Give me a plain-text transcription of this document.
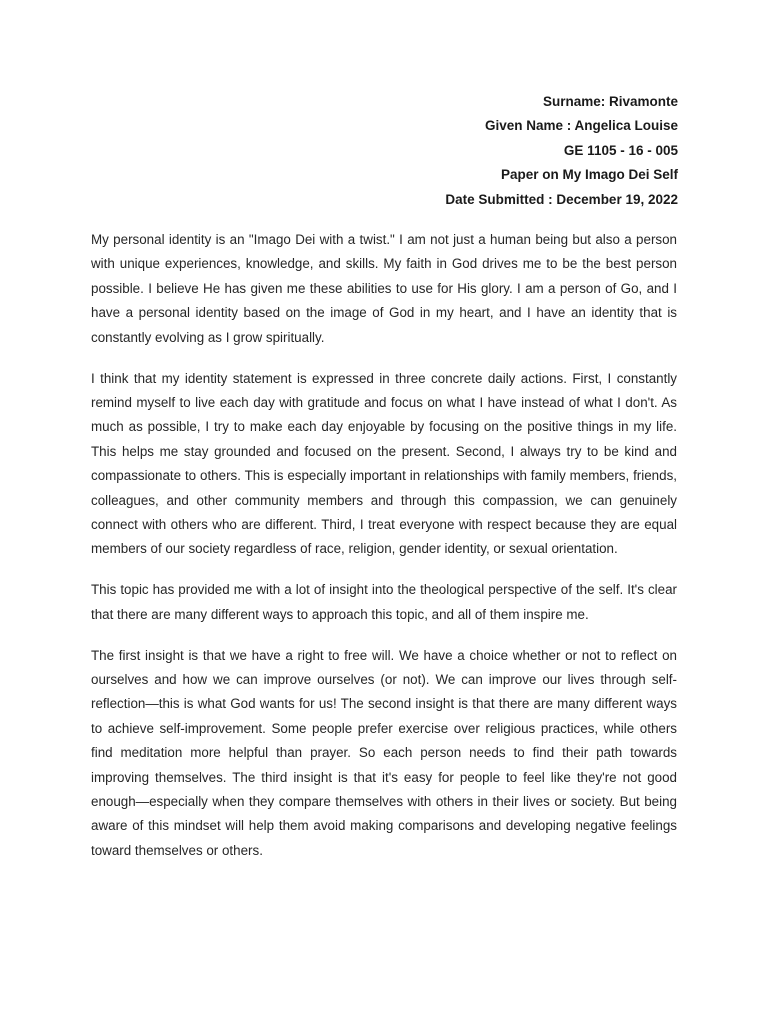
Surname: Rivamonte
Given Name : Angelica Louise
GE 1105 - 16 - 005
Paper on My Imago Dei Self
Date Submitted : December 19, 2022

My personal identity is an "Imago Dei with a twist." I am not just a human being but also a person with unique experiences, knowledge, and skills. My faith in God drives me to be the best person possible. I believe He has given me these abilities to use for His glory. I am a person of Go, and I have a personal identity based on the image of God in my heart, and I have an identity that is constantly evolving as I grow spiritually.

I think that my identity statement is expressed in three concrete daily actions. First, I constantly remind myself to live each day with gratitude and focus on what I have instead of what I don't. As much as possible, I try to make each day enjoyable by focusing on the positive things in my life. This helps me stay grounded and focused on the present. Second, I always try to be kind and compassionate to others. This is especially important in relationships with family members, friends, colleagues, and other community members and through this compassion, we can genuinely connect with others who are different. Third, I treat everyone with respect because they are equal members of our society regardless of race, religion, gender identity, or sexual orientation.

This topic has provided me with a lot of insight into the theological perspective of the self. It's clear that there are many different ways to approach this topic, and all of them inspire me.

The first insight is that we have a right to free will. We have a choice whether or not to reflect on ourselves and how we can improve ourselves (or not). We can improve our lives through self-reflection—this is what God wants for us! The second insight is that there are many different ways to achieve self-improvement. Some people prefer exercise over religious practices, while others find meditation more helpful than prayer. So each person needs to find their path towards improving themselves. The third insight is that it's easy for people to feel like they're not good enough—especially when they compare themselves with others in their lives or society. But being aware of this mindset will help them avoid making comparisons and developing negative feelings toward themselves or others.
